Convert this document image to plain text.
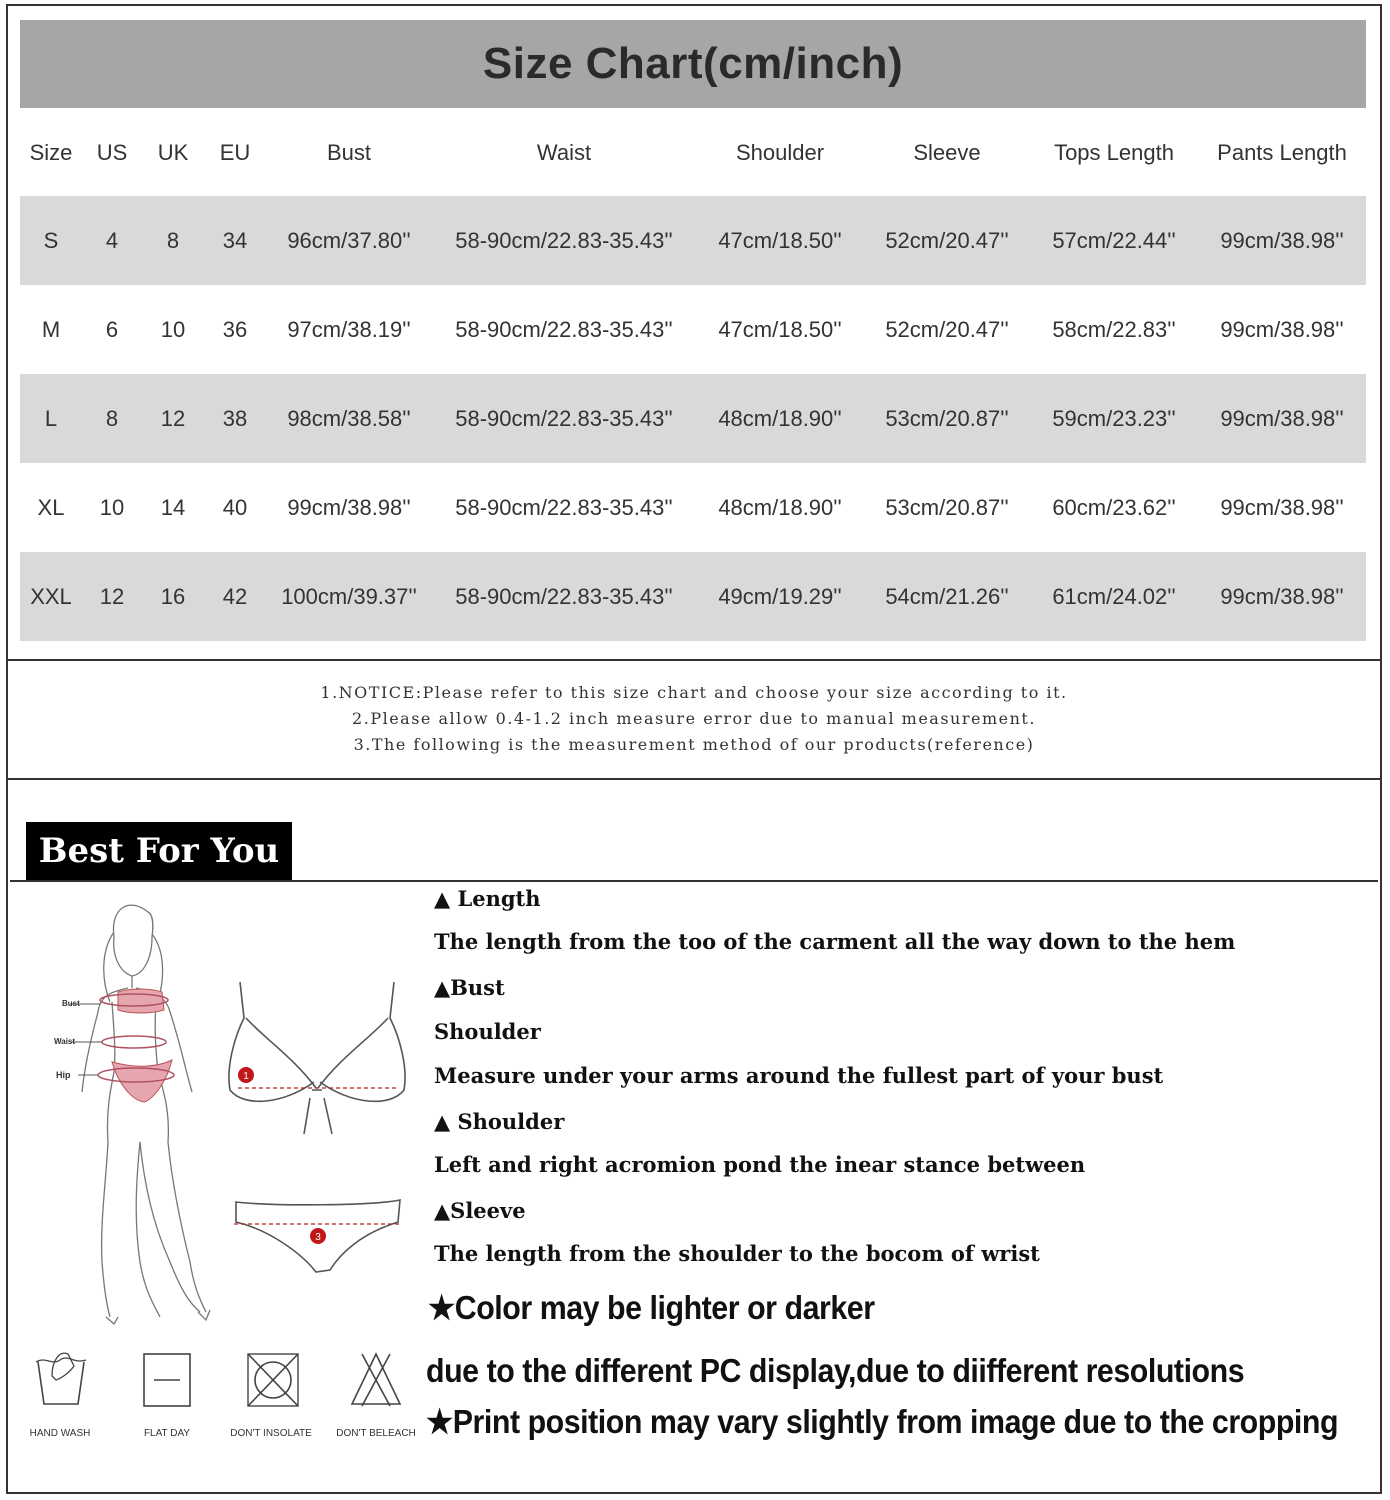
Size Chart(cm/inch)
Size	US	UK	EU	Bust	Waist	Shoulder	Sleeve	Tops Length	Pants Length
S	4	8	34	96cm/37.80''	58-90cm/22.83-35.43''	47cm/18.50''	52cm/20.47''	57cm/22.44''	99cm/38.98''
M	6	10	36	97cm/38.19''	58-90cm/22.83-35.43''	47cm/18.50''	52cm/20.47''	58cm/22.83''	99cm/38.98''
L	8	12	38	98cm/38.58''	58-90cm/22.83-35.43''	48cm/18.90''	53cm/20.87''	59cm/23.23''	99cm/38.98''
XL	10	14	40	99cm/38.98''	58-90cm/22.83-35.43''	48cm/18.90''	53cm/20.87''	60cm/23.62''	99cm/38.98''
XXL	12	16	42	100cm/39.37''	58-90cm/22.83-35.43''	49cm/19.29''	54cm/21.26''	61cm/24.02''	99cm/38.98''
1.NOTICE:Please refer to this size chart and choose your size according to it.
2.Please allow 0.4-1.2 inch measure error due to manual measurement.
3.The following is the measurement method of our products(reference)
Best For You
Bust
Waist
Hip	1
3
▲ Length
The length from the too of the carment all the way down to the hem
▲Bust
Shoulder
Measure under your arms around the fullest part of your bust
▲ Shoulder
Left and right acromion pond the inear stance between
▲Sleeve
The length from the shoulder to the bocom of wrist
★Color may be lighter or darker
due to the different PC display,due to diifferent resolutions
★Print position may vary slightly from image due to the cropping
HAND WASH	FLAT DAY	DON'T INSOLATE	DON'T BELEACH
